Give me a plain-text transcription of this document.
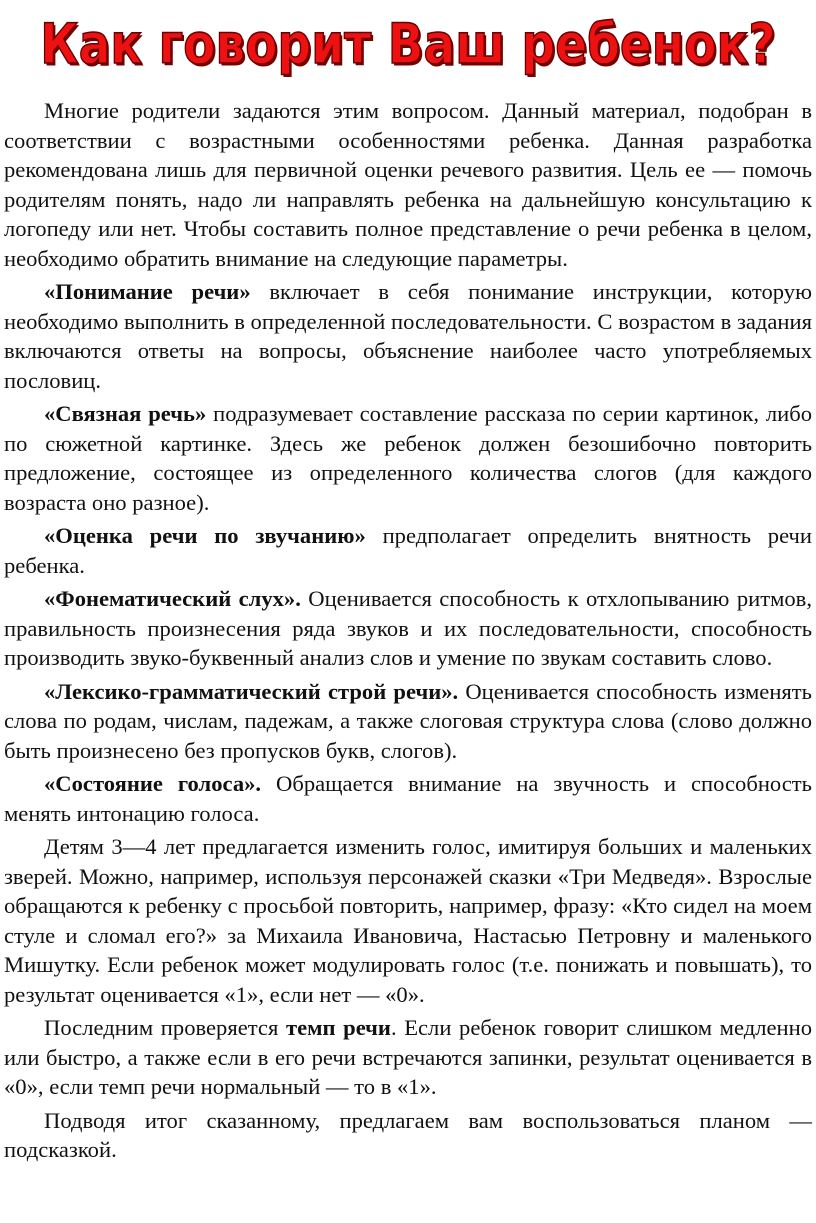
Как говорит Ваш ребенок?

Многие родители задаются этим вопросом. Данный материал, подобран в соответствии с возрастными особенностями ребенка. Данная разработка рекомендована лишь для первичной оценки речевого развития. Цель ее — помочь родителям понять, надо ли направлять ребенка на дальнейшую консультацию к логопеду или нет. Чтобы составить полное представление о речи ребенка в целом, необходимо обратить внимание на следующие параметры.

«Понимание речи» включает в себя понимание инструкции, которую необходимо выполнить в определенной последовательности. С возрастом в задания включаются ответы на вопросы, объяснение наиболее часто употребляемых пословиц.

«Связная речь» подразумевает составление рассказа по серии картинок, либо по сюжетной картинке. Здесь же ребенок должен безошибочно повторить предложение, состоящее из определенного количества слогов (для каждого возраста оно разное).

«Оценка речи по звучанию» предполагает определить внятность речи ребенка.

«Фонематический слух». Оценивается способность к отхлопыванию ритмов, правильность произнесения ряда звуков и их последовательности, способность производить звуко-буквенный анализ слов и умение по звукам составить слово.

«Лексико-грамматический строй речи». Оценивается способность изменять слова по родам, числам, падежам, а также слоговая структура слова (слово должно быть произнесено без пропусков букв, слогов).

«Состояние голоса». Обращается внимание на звучность и способность менять интонацию голоса.

Детям 3—4 лет предлагается изменить голос, имитируя больших и маленьких зверей. Можно, например, используя персонажей сказки «Три Медведя». Взрослые обращаются к ребенку с просьбой повторить, например, фразу: «Кто сидел на моем стуле и сломал его?» за Михаила Ивановича, Настасью Петровну и маленького Мишутку. Если ребенок может модулировать голос (т.е. понижать и повышать), то результат оценивается «1», если нет — «0».

Последним проверяется темп речи. Если ребенок говорит слишком медленно или быстро, а также если в его речи встречаются запинки, результат оценивается в «0», если темп речи нормальный — то в «1».

Подводя итог сказанному, предлагаем вам воспользоваться планом — подсказкой.
